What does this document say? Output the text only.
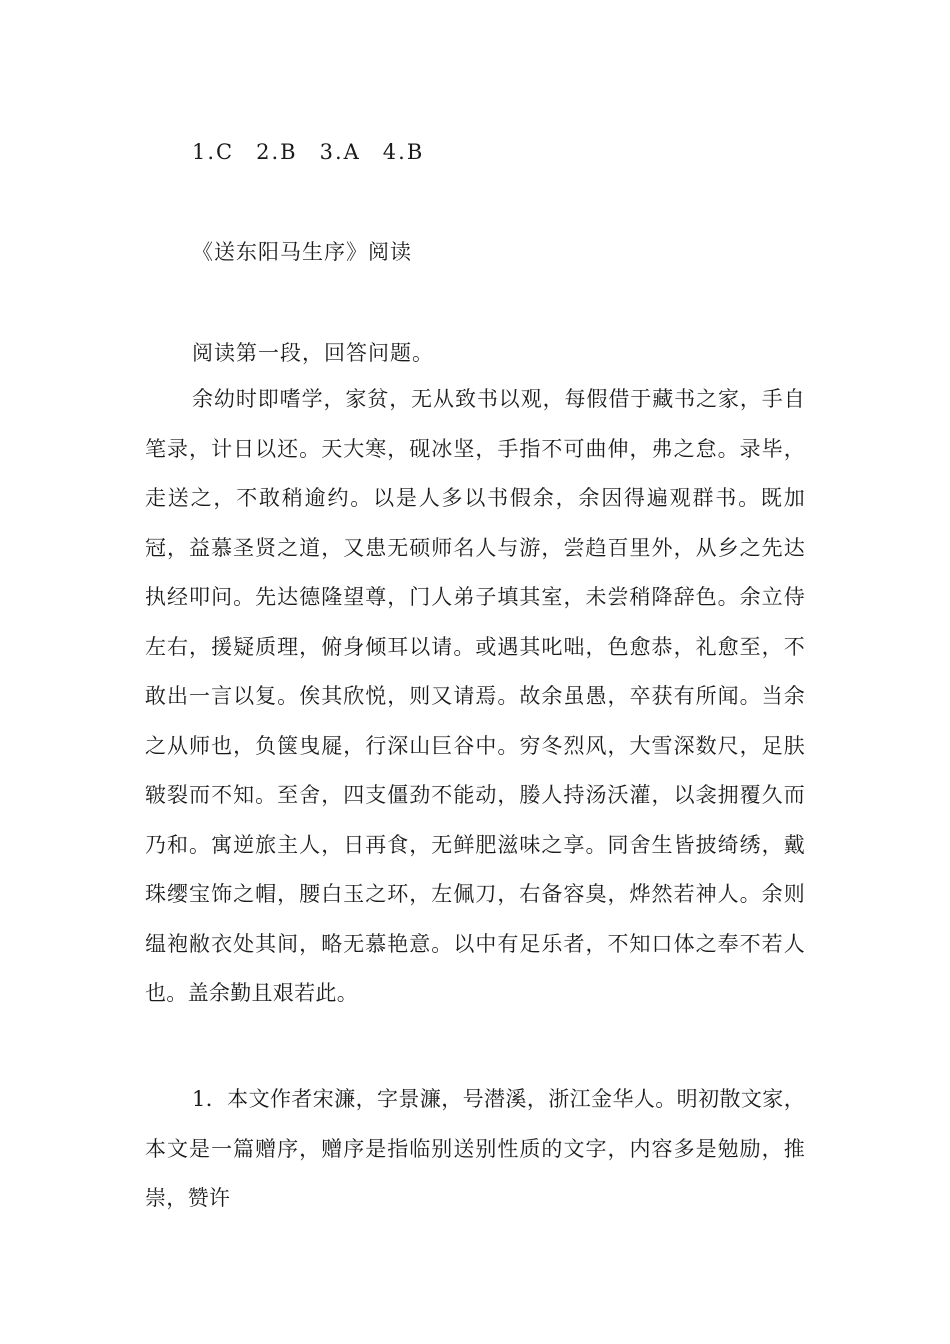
1.C 2.B 3.A 4.B
《送东阳马生序》阅读
阅读第一段，回答问题。
余幼时即嗜学，家贫，无从致书以观，每假借于藏书之家，手自笔录，计日以还。天大寒，砚冰坚，手指不可曲伸，弗之怠。录毕，走送之，不敢稍逾约。以是人多以书假余，余因得遍观群书。既加冠，益慕圣贤之道，又患无硕师名人与游，尝趋百里外，从乡之先达执经叩问。先达德隆望尊，门人弟子填其室，未尝稍降辞色。余立侍左右，援疑质理，俯身倾耳以请。或遇其叱咄，色愈恭，礼愈至，不敢出一言以复。俟其欣悦，则又请焉。故余虽愚，卒获有所闻。当余之从师也，负箧曳屣，行深山巨谷中。穷冬烈风，大雪深数尺，足肤皲裂而不知。至舍，四支僵劲不能动，媵人持汤沃灌，以衾拥覆久而乃和。寓逆旅主人，日再食，无鲜肥滋味之享。同舍生皆披绮绣，戴珠缨宝饰之帽，腰白玉之环，左佩刀，右备容臭，烨然若神人。余则缊袍敝衣处其间，略无慕艳意。以中有足乐者，不知口体之奉不若人也。盖余勤且艰若此。
1．本文作者宋濂，字景濂，号潜溪，浙江金华人。明初散文家，本文是一篇赠序，赠序是指临别送别性质的文字，内容多是勉励，推崇，赞许
